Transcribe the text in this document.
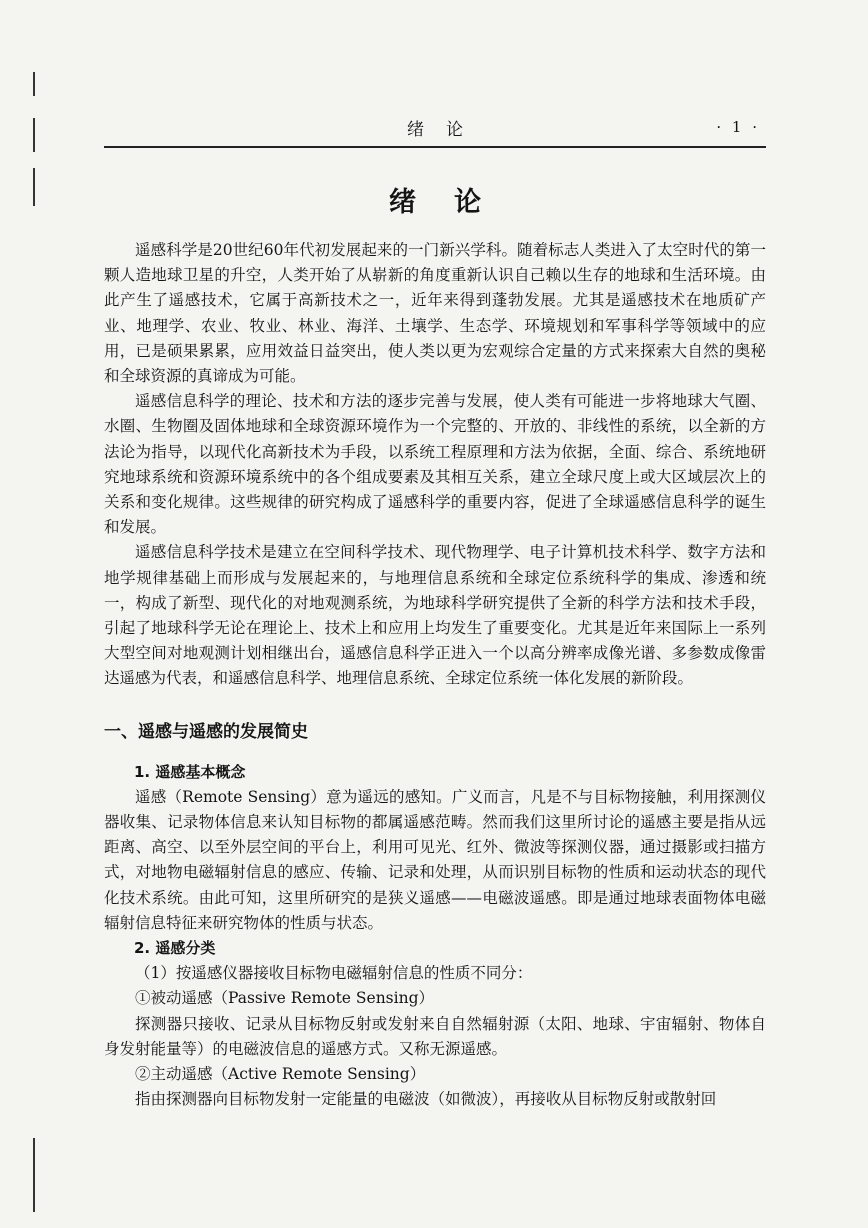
绪论	· 1 ·
绪论

遥感科学是20世纪60年代初发展起来的一门新兴学科。随着标志人类进入了太空时代的第一颗人造地球卫星的升空，人类开始了从崭新的角度重新认识自己赖以生存的地球和生活环境。由此产生了遥感技术，它属于高新技术之一，近年来得到蓬勃发展。尤其是遥感技术在地质矿产业、地理学、农业、牧业、林业、海洋、土壤学、生态学、环境规划和军事科学等领域中的应用，已是硕果累累，应用效益日益突出，使人类以更为宏观综合定量的方式来探索大自然的奥秘和全球资源的真谛成为可能。

遥感信息科学的理论、技术和方法的逐步完善与发展，使人类有可能进一步将地球大气圈、水圈、生物圈及固体地球和全球资源环境作为一个完整的、开放的、非线性的系统，以全新的方法论为指导，以现代化高新技术为手段，以系统工程原理和方法为依据，全面、综合、系统地研究地球系统和资源环境系统中的各个组成要素及其相互关系，建立全球尺度上或大区域层次上的关系和变化规律。这些规律的研究构成了遥感科学的重要内容，促进了全球遥感信息科学的诞生和发展。

遥感信息科学技术是建立在空间科学技术、现代物理学、电子计算机技术科学、数字方法和地学规律基础上而形成与发展起来的，与地理信息系统和全球定位系统科学的集成、渗透和统一，构成了新型、现代化的对地观测系统，为地球科学研究提供了全新的科学方法和技术手段，引起了地球科学无论在理论上、技术上和应用上均发生了重要变化。尤其是近年来国际上一系列大型空间对地观测计划相继出台，遥感信息科学正进入一个以高分辨率成像光谱、多参数成像雷达遥感为代表，和遥感信息科学、地理信息系统、全球定位系统一体化发展的新阶段。

一、遥感与遥感的发展简史

1. 遥感基本概念

遥感（Remote Sensing）意为遥远的感知。广义而言，凡是不与目标物接触，利用探测仪器收集、记录物体信息来认知目标物的都属遥感范畴。然而我们这里所讨论的遥感主要是指从远距离、高空、以至外层空间的平台上，利用可见光、红外、微波等探测仪器，通过摄影或扫描方式，对地物电磁辐射信息的感应、传输、记录和处理，从而识别目标物的性质和运动状态的现代化技术系统。由此可知，这里所研究的是狭义遥感——电磁波遥感。即是通过地球表面物体电磁辐射信息特征来研究物体的性质与状态。

2. 遥感分类

（1）按遥感仪器接收目标物电磁辐射信息的性质不同分：

①被动遥感（Passive Remote Sensing）

探测器只接收、记录从目标物反射或发射来自自然辐射源（太阳、地球、宇宙辐射、物体自身发射能量等）的电磁波信息的遥感方式。又称无源遥感。

②主动遥感（Active Remote Sensing）

指由探测器向目标物发射一定能量的电磁波（如微波），再接收从目标物反射或散射回
